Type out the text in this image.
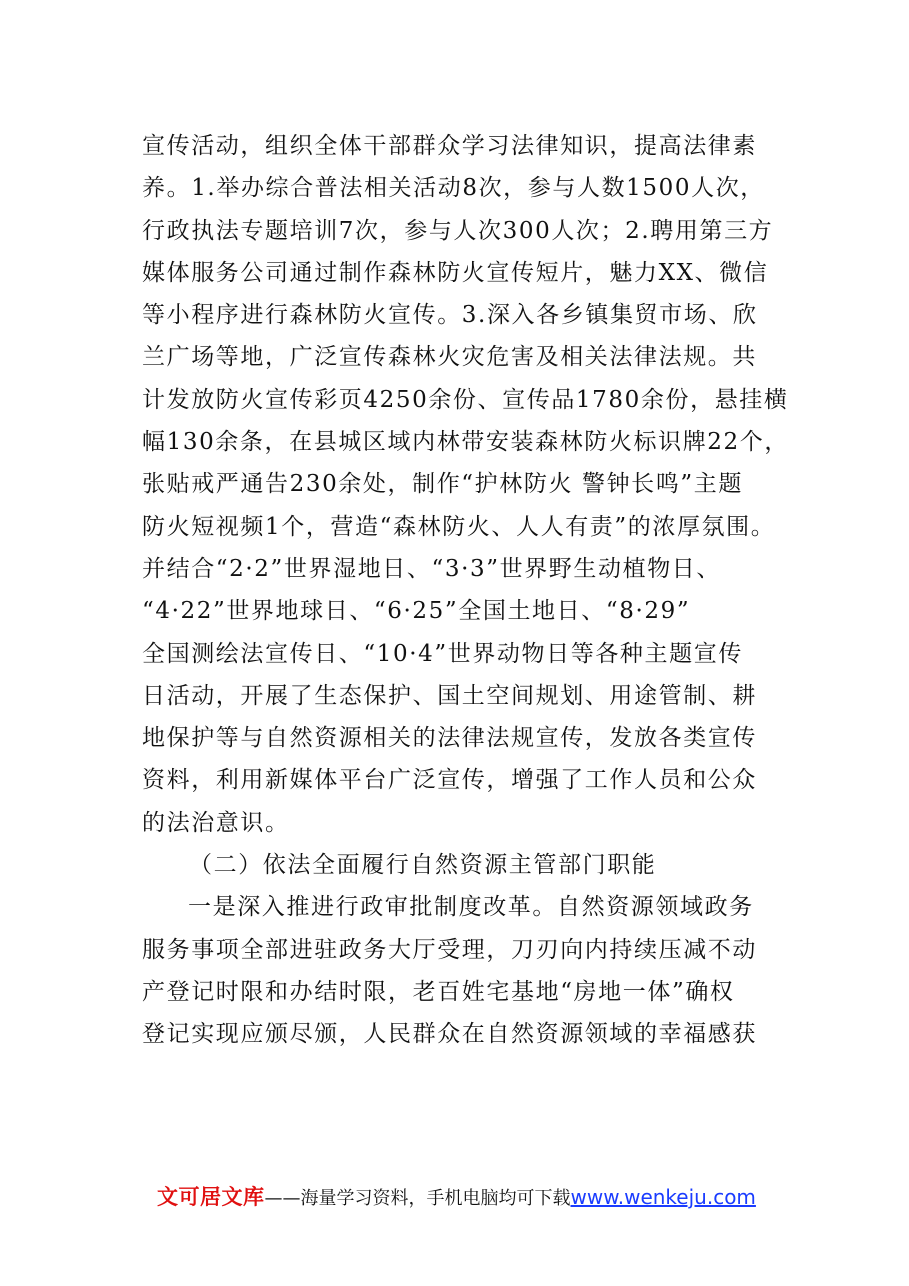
宣传活动，组织全体干部群众学习法律知识，提高法律素
养。1.举办综合普法相关活动8次，参与人数1500人次，
行政执法专题培训7次，参与人次300人次；2.聘用第三方
媒体服务公司通过制作森林防火宣传短片，魅力XX、微信
等小程序进行森林防火宣传。3.深入各乡镇集贸市场、欣
兰广场等地，广泛宣传森林火灾危害及相关法律法规。共
计发放防火宣传彩页4250余份、宣传品1780余份，悬挂横
幅130余条，在县城区域内林带安装森林防火标识牌22个，
张贴戒严通告230余处，制作“护林防火 警钟长鸣”主题
防火短视频1个，营造“森林防火、人人有责”的浓厚氛围。
并结合“2·2”世界湿地日、“3·3”世界野生动植物日、
“4·22”世界地球日、“6·25”全国土地日、“8·29”
全国测绘法宣传日、“10·4”世界动物日等各种主题宣传
日活动，开展了生态保护、国土空间规划、用途管制、耕
地保护等与自然资源相关的法律法规宣传，发放各类宣传
资料，利用新媒体平台广泛宣传，增强了工作人员和公众
的法治意识。
（二）依法全面履行自然资源主管部门职能
一是深入推进行政审批制度改革。自然资源领域政务
服务事项全部进驻政务大厅受理，刀刃向内持续压减不动
产登记时限和办结时限，老百姓宅基地“房地一体”确权
登记实现应颁尽颁，人民群众在自然资源领域的幸福感获
文可居文库——海量学习资料，手机电脑均可下载www.wenkeju.com
